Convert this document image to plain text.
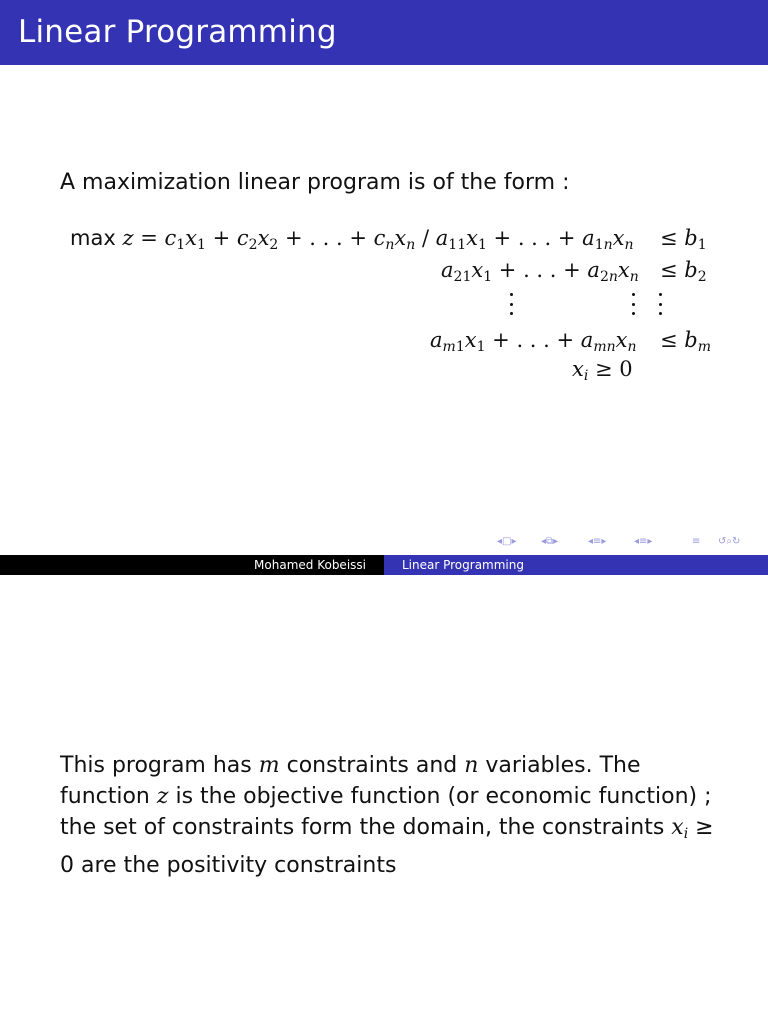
Linear Programming
A maximization linear program is of the form :
$\max z = c_1x_1 + c_2x_2$ + . . . + $c_nx_n / a_{11}x_1$ + . . . + $a_{1n}x_n \le b_1$
$a_{21}x_1$ + . . . + $a_{2n}x_n \le b_2$
$a_{m1}x_1$ + . . . + $a_{mn}x_n \le b_m$
$x_i \ge 0$
◂□▸ ◂⧉▸	◂≡▸	◂≡▸	≡ ↺⌕↻
Mohamed Kobeissi	Linear Programming
This program has m constraints and n variables. The function z is the objective function (or economic function) ; the set of constraints form the domain, the constraints $x_i \ge 0$ are the positivity constraints
